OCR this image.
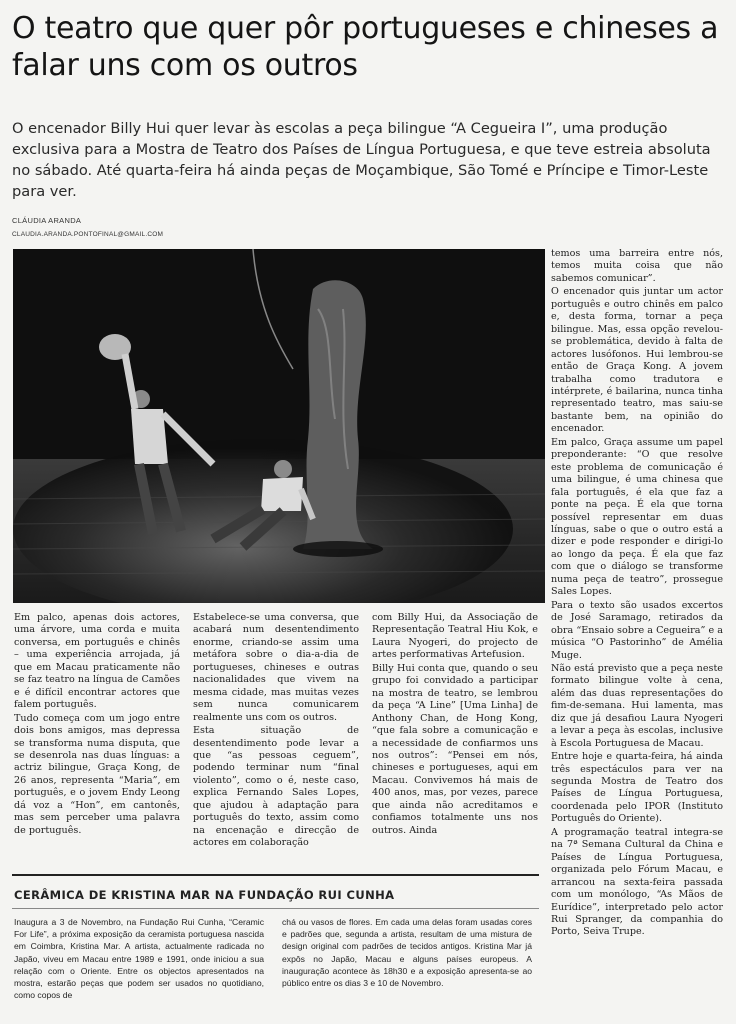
O teatro que quer pôr portugueses e chineses a falar uns com os outros

O encenador Billy Hui quer levar às escolas a peça bilingue “A Cegueira I”, uma produção exclusiva para a Mostra de Teatro dos Países de Língua Portuguesa, e que teve estreia absoluta no sábado. Até quarta-feira há ainda peças de Moçambique, São Tomé e Príncipe e Timor-Leste para ver.

CLÁUDIA ARANDA
CLAUDIA.ARANDA.PONTOFINAL@GMAIL.COM

Em palco, apenas dois actores, uma árvore, uma corda e muita conversa, em português e chinês – uma experiência arrojada, já que em Macau praticamente não se faz teatro na língua de Camões e é difícil encontrar actores que falem português.

Tudo começa com um jogo entre dois bons amigos, mas depressa se transforma numa disputa, que se desenrola nas duas línguas: a actriz bilingue, Graça Kong, de 26 anos, representa “Maria”, em português, e o jovem Endy Leong dá voz a “Hon”, em cantonês, mas sem perceber uma palavra de português.

Estabelece-se uma conversa, que acabará num desentendimento enorme, criando-se assim uma metáfora sobre o dia-a-dia de portugueses, chineses e outras nacionalidades que vivem na mesma cidade, mas muitas vezes sem nunca comunicarem realmente uns com os outros.

Esta situação de desentendimento pode levar a que “as pessoas ceguem”, podendo terminar num “final violento”, como o é, neste caso, explica Fernando Sales Lopes, que ajudou à adaptação para português do texto, assim como na encenação e direcção de actores em colaboração

com Billy Hui, da Associação de Representação Teatral Hiu Kok, e Laura Nyogeri, do projecto de artes performativas Artefusion.

Billy Hui conta que, quando o seu grupo foi convidado a participar na mostra de teatro, se lembrou da peça “A Line” [Uma Linha] de Anthony Chan, de Hong Kong, “que fala sobre a comunicação e a necessidade de confiarmos uns nos outros”: “Pensei em nós, chineses e portugueses, aqui em Macau. Convivemos há mais de 400 anos, mas, por vezes, parece que ainda não acreditamos e confiamos totalmente uns nos outros. Ainda

temos uma barreira entre nós, temos muita coisa que não sabemos comunicar”.

O encenador quis juntar um actor português e outro chinês em palco e, desta forma, tornar a peça bilingue. Mas, essa opção revelou-se problemática, devido à falta de actores lusófonos. Hui lembrou-se então de Graça Kong. A jovem trabalha como tradutora e intérprete, é bailarina, nunca tinha representado teatro, mas saiu-se bastante bem, na opinião do encenador.

Em palco, Graça assume um papel preponderante: “O que resolve este problema de comunicação é uma bilingue, é uma chinesa que fala português, é ela que faz a ponte na peça. É ela que torna possível representar em duas línguas, sabe o que o outro está a dizer e pode responder e dirigi-lo ao longo da peça. É ela que faz com que o diálogo se transforme numa peça de teatro”, prossegue Sales Lopes.

Para o texto são usados excertos de José Saramago, retirados da obra “Ensaio sobre a Cegueira” e a música “O Pastorinho” de Amélia Muge.

Não está previsto que a peça neste formato bilingue volte à cena, além das duas representações do fim-de-semana. Hui lamenta, mas diz que já desafiou Laura Nyogeri a levar a peça às escolas, inclusive à Escola Portuguesa de Macau.

Entre hoje e quarta-feira, há ainda três espectáculos para ver na segunda Mostra de Teatro dos Países de Língua Portuguesa, coordenada pelo IPOR (Instituto Português do Oriente).

A programação teatral integra-se na 7ª Semana Cultural da China e Países de Língua Portuguesa, organizada pelo Fórum Macau, e arrancou na sexta-feira passada com um monólogo, “As Mãos de Eurídice”, interpretado pelo actor Rui Spranger, da companhia do Porto, Seiva Trupe.

CERÂMICA DE KRISTINA MAR NA FUNDAÇÃO RUI CUNHA

Inaugura a 3 de Novembro, na Fundação Rui Cunha, “Ceramic For Life”, a próxima exposição da ceramista portuguesa nascida em Coimbra, Kristina Mar. A artista, actualmente radicada no Japão, viveu em Macau entre 1989 e 1991, onde iniciou a sua relação com o Oriente. Entre os objectos apresentados na mostra, estarão peças que podem ser usados no quotidiano, como copos de

chá ou vasos de flores. Em cada uma delas foram usadas cores e padrões que, segunda a artista, resultam de uma mistura de design original com padrões de tecidos antigos. Kristina Mar já expôs no Japão, Macau e alguns países europeus. A inauguração acontece às 18h30 e a exposição apresenta-se ao público entre os dias 3 e 10 de Novembro.
